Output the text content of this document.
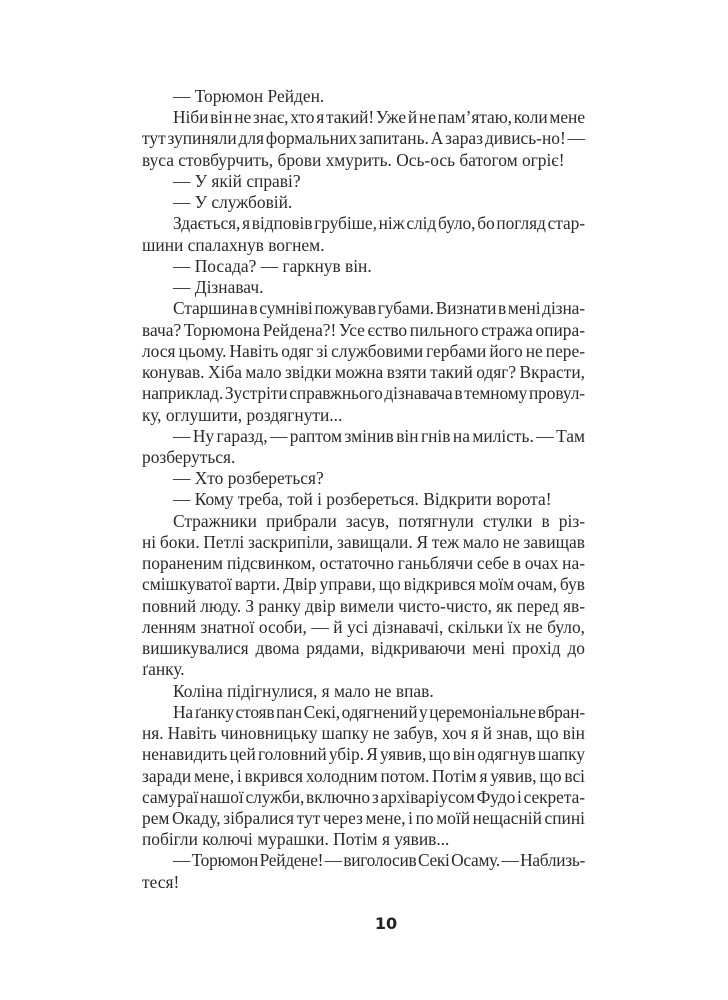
— Торюмон Рейден.
Ніби він не знає, хто я такий! Уже й не пам’ятаю, коли мене
тут зупиняли для формальних запитань. А зараз дивись-но! —
вуса стовбурчить, брови хмурить. Ось-ось батогом огріє!
— У якій справі?
— У службовій.
Здається, я відповів грубіше, ніж слід було, бо погляд стар-
шини спалахнув вогнем.
— Посада? — гаркнув він.
— Дізнавач.
Старшина в сумніві пожував губами. Визнати в мені дізна-
вача? Торюмона Рейдена?! Усе єство пильного стража опира-
лося цьому. Навіть одяг зі службовими гербами його не пере-
конував. Хіба мало звідки можна взяти такий одяг? Вкрасти,
наприклад. Зустріти справжнього дізнавача в темному провул-
ку, оглушити, роздягнути...
— Ну гаразд, — раптом змінив він гнів на милість. — Там
розберуться.
— Хто розбереться?
— Кому треба, той і розбереться. Відкрити ворота!
Стражники прибрали засув, потягнули стулки в різ-
ні боки. Петлі заскрипіли, завищали. Я теж мало не завищав
пораненим підсвинком, остаточно ганьблячи себе в очах на-
смішкуватої варти. Двір управи, що відкрився моїм очам, був
повний люду. З ранку двір вимели чисто-чисто, як перед яв-
ленням знатної особи, — й усі дізнавачі, скільки їх не було,
вишикувалися двома рядами, відкриваючи мені прохід до
ґанку.
Коліна підігнулися, я мало не впав.
На ґанку стояв пан Секі, одягнений у церемоніальне вбран-
ня. Навіть чиновницьку шапку не забув, хоч я й знав, що він
ненавидить цей головний убір. Я уявив, що він одягнув шапку
заради мене, і вкрився холодним потом. Потім я уявив, що всі
самураї нашої служби, включно з архіваріусом Фудо і секрета-
рем Окаду, зібралися тут через мене, і по моїй нещасній спині
побігли колючі мурашки. Потім я уявив...
— Торюмон Рейдене! — виголосив Секі Осаму. — Наблизь-
теся!
10
